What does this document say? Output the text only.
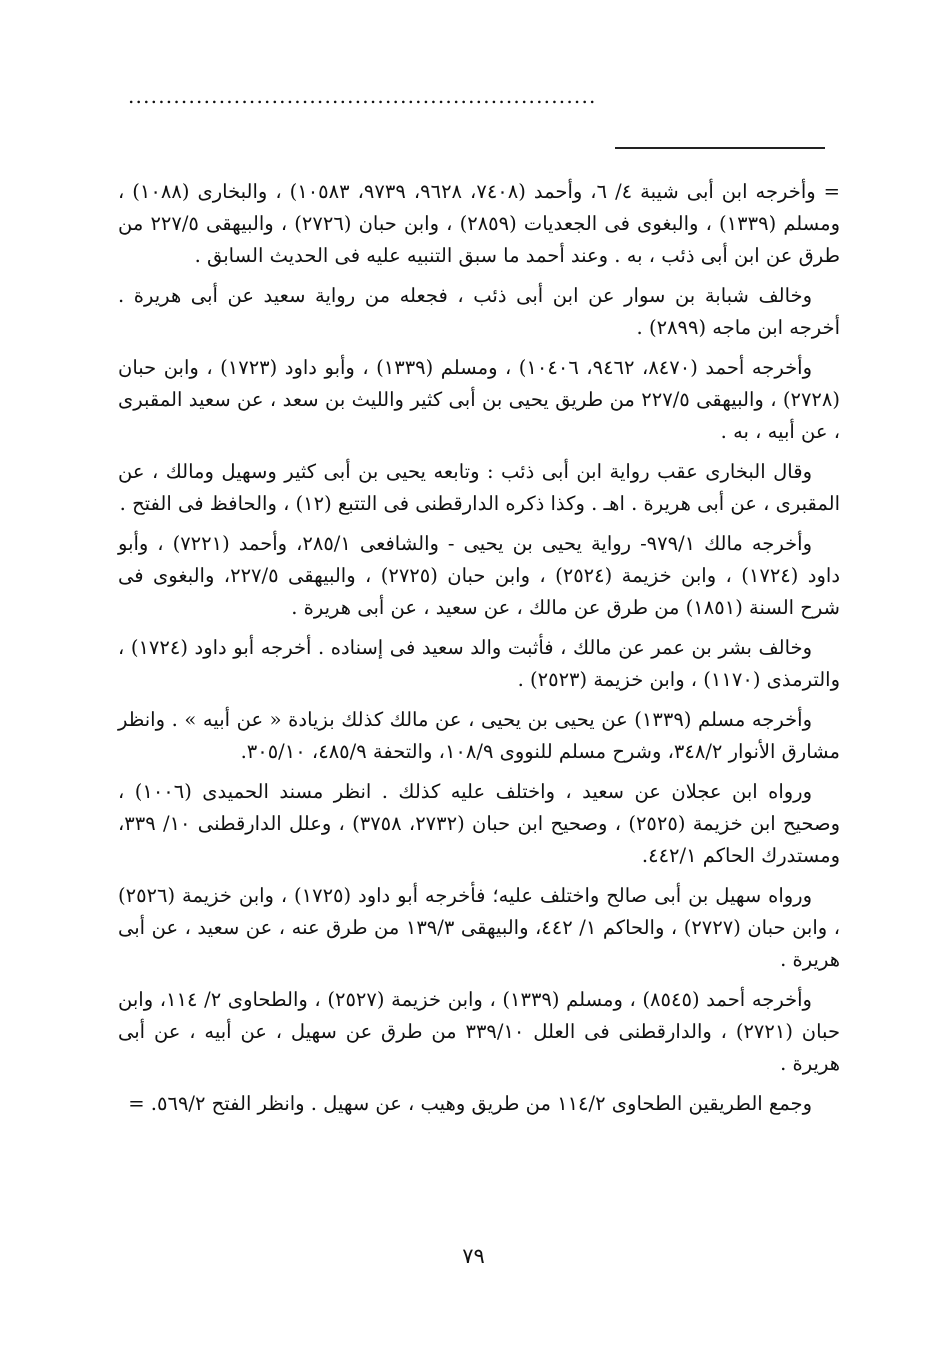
..............................................................

= وأخرجه ابن أبى شيبة ٤/ ٦، وأحمد (٧٤٠٨، ٩٦٢٨، ٩٧٣٩، ١٠٥٨٣) ، والبخارى (١٠٨٨) ، ومسلم (١٣٣٩) ، والبغوى فى الجعديات (٢٨٥٩) ، وابن حبان (٢٧٢٦) ، والبيهقى ٢٢٧/٥ من طرق عن ابن أبى ذئب ، به . وعند أحمد ما سبق التنبيه عليه فى الحديث السابق .

وخالف شبابة بن سوار عن ابن أبى ذئب ، فجعله من رواية سعيد عن أبى هريرة . أخرجه ابن ماجه (٢٨٩٩) .

وأخرجه أحمد (٨٤٧٠، ٩٤٦٢، ١٠٤٠٦) ، ومسلم (١٣٣٩) ، وأبو داود (١٧٢٣) ، وابن حبان (٢٧٢٨) ، والبيهقى ٢٢٧/٥ من طريق يحيى بن أبى كثير والليث بن سعد ، عن سعيد المقبرى ، عن أبيه ، به .

وقال البخارى عقب رواية ابن أبى ذئب : وتابعه يحيى بن أبى كثير وسهيل ومالك ، عن المقبرى ، عن أبى هريرة . اهـ . وكذا ذكره الدارقطنى فى التتبع (١٢) ، والحافظ فى الفتح .

وأخرجه مالك ٩٧٩/١- رواية يحيى بن يحيى - والشافعى ٢٨٥/١، وأحمد (٧٢٢١) ، وأبو داود (١٧٢٤) ، وابن خزيمة (٢٥٢٤) ، وابن حبان (٢٧٢٥) ، والبيهقى ٢٢٧/٥، والبغوى فى شرح السنة (١٨٥١) من طرق عن مالك ، عن سعيد ، عن أبى هريرة .

وخالف بشر بن عمر عن مالك ، فأثبت والد سعيد فى إسناده . أخرجه أبو داود (١٧٢٤) ، والترمذى (١١٧٠) ، وابن خزيمة (٢٥٢٣) .

وأخرجه مسلم (١٣٣٩) عن يحيى بن يحيى ، عن مالك كذلك بزيادة « عن أبيه » . وانظر مشارق الأنوار ٣٤٨/٢، وشرح مسلم للنووى ١٠٨/٩، والتحفة ٤٨٥/٩، ٣٠٥/١٠.

ورواه ابن عجلان عن سعيد ، واختلف عليه كذلك . انظر مسند الحميدى (١٠٠٦) ، وصحيح ابن خزيمة (٢٥٢٥) ، وصحيح ابن حبان (٢٧٣٢، ٣٧٥٨) ، وعلل الدارقطنى ١٠/ ٣٣٩، ومستدرك الحاكم ٤٤٢/١.

ورواه سهيل بن أبى صالح واختلف عليه؛ فأخرجه أبو داود (١٧٢٥) ، وابن خزيمة (٢٥٢٦) ، وابن حبان (٢٧٢٧) ، والحاكم ١/ ٤٤٢، والبيهقى ١٣٩/٣ من طرق عنه ، عن سعيد ، عن أبى هريرة .

وأخرجه أحمد (٨٥٤٥) ، ومسلم (١٣٣٩) ، وابن خزيمة (٢٥٢٧) ، والطحاوى ٢/ ١١٤، وابن حبان (٢٧٢١) ، والدارقطنى فى العلل ٣٣٩/١٠ من طرق عن سهيل ، عن أبيه ، عن أبى هريرة .

وجمع الطريقين الطحاوى ١١٤/٢ من طريق وهيب ، عن سهيل . وانظر الفتح ٥٦٩/٢. =

٧٩
